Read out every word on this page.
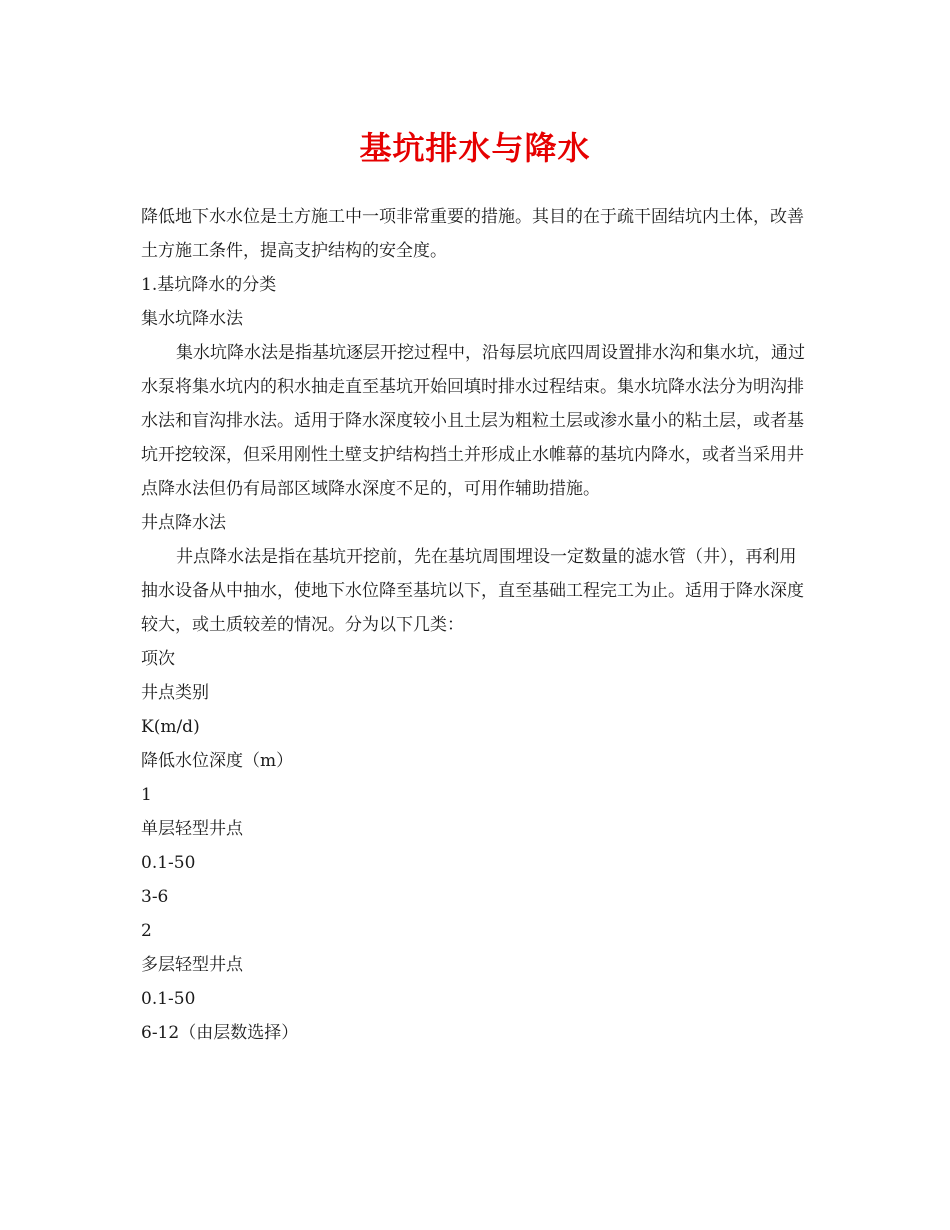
基坑排水与降水

降低地下水水位是土方施工中一项非常重要的措施。其目的在于疏干固结坑内土体，改善土方施工条件，提高支护结构的安全度。

1.基坑降水的分类

集水坑降水法

集水坑降水法是指基坑逐层开挖过程中，沿每层坑底四周设置排水沟和集水坑，通过水泵将集水坑内的积水抽走直至基坑开始回填时排水过程结束。集水坑降水法分为明沟排水法和盲沟排水法。适用于降水深度较小且土层为粗粒土层或渗水量小的粘土层，或者基坑开挖较深，但采用刚性土壁支护结构挡土并形成止水帷幕的基坑内降水，或者当采用井点降水法但仍有局部区域降水深度不足的，可用作辅助措施。

井点降水法

井点降水法是指在基坑开挖前，先在基坑周围埋设一定数量的滤水管（井），再利用抽水设备从中抽水，使地下水位降至基坑以下，直至基础工程完工为止。适用于降水深度较大，或土质较差的情况。分为以下几类：

项次

井点类别

K(m/d)

降低水位深度（m）

1

单层轻型井点

0.1-50

3-6

2

多层轻型井点

0.1-50

6-12（由层数选择）
